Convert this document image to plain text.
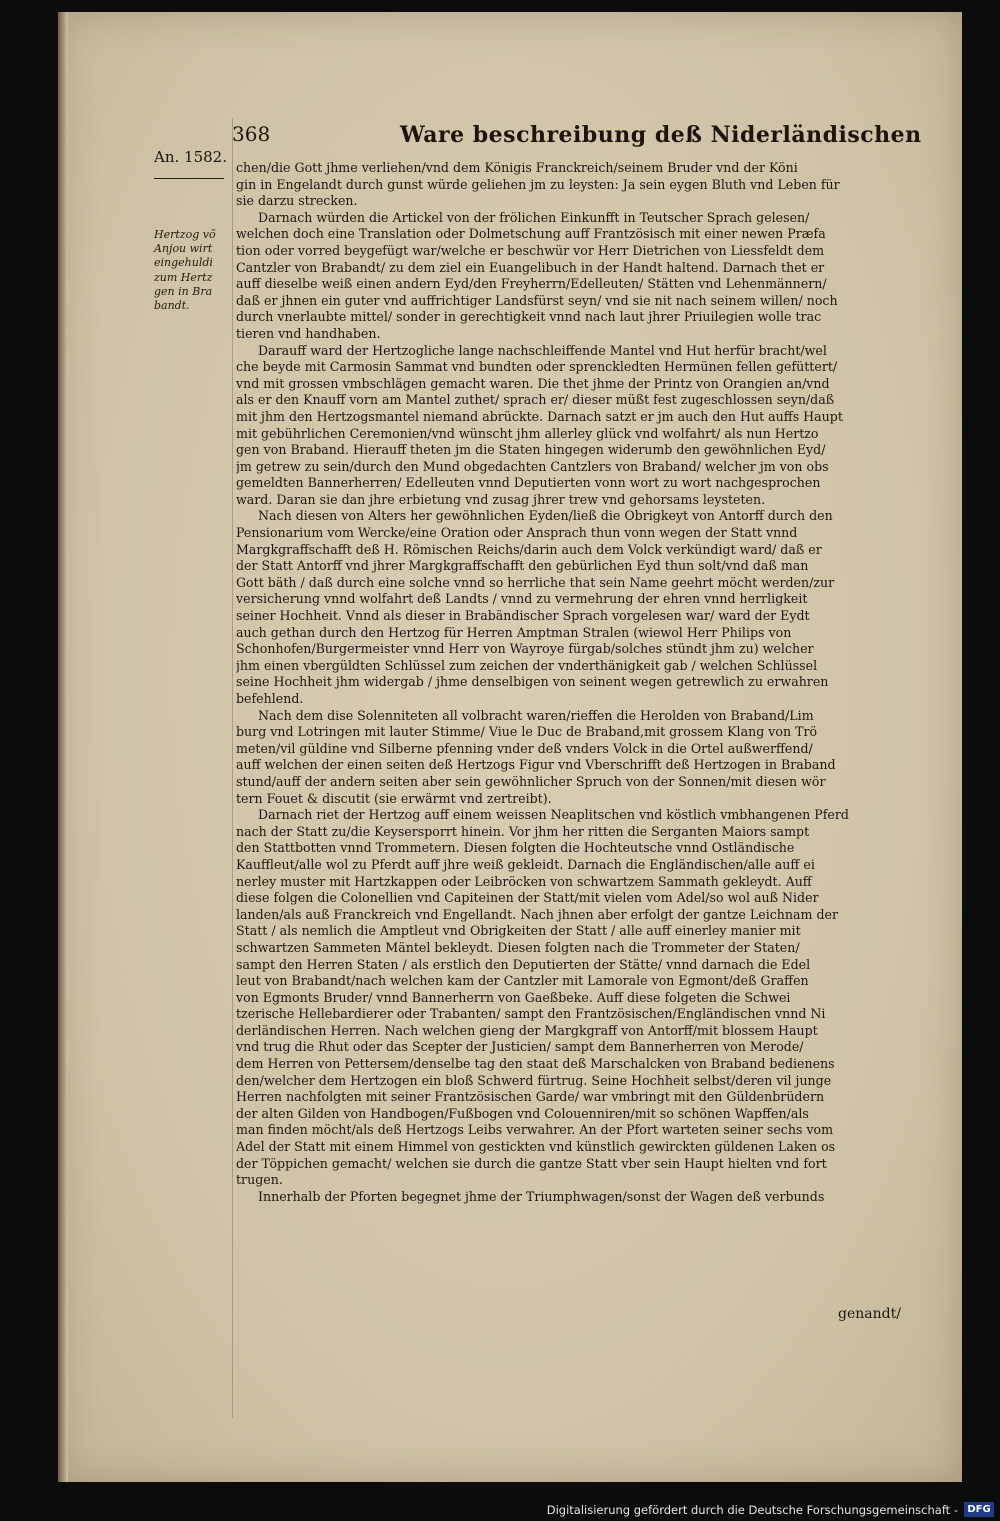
An. 1582.
368	Ware beschreibung deß Niderländischen
Hertzog võ
Anjou wirt
eingehuldi
zum Hertz
gen in Bra
bandt.
chen/die Gott jhme verliehen/vnd dem Königis Franckreich/seinem Bruder vnd der Köni
gin in Engelandt durch gunst würde geliehen jm zu leysten: Ja sein eygen Bluth vnd Leben für
sie darzu strecken.
Darnach würden die Artickel von der frölichen Einkunfft in Teutscher Sprach gelesen/
welchen doch eine Translation oder Dolmetschung auff Frantzösisch mit einer newen Præfa
tion oder vorred beygefügt war/welche er beschwür vor Herr Dietrichen von Liessfeldt dem
Cantzler von Brabandt/ zu dem ziel ein Euangelibuch in der Handt haltend. Darnach thet er
auff dieselbe weiß einen andern Eyd/den Freyherrn/Edelleuten/ Stätten vnd Lehenmännern/
daß er jhnen ein guter vnd auffrichtiger Landsfürst seyn/ vnd sie nit nach seinem willen/ noch
durch vnerlaubte mittel/ sonder in gerechtigkeit vnnd nach laut jhrer Priuilegien wolle trac
tieren vnd handhaben.
Darauff ward der Hertzogliche lange nachschleiffende Mantel vnd Hut herfür bracht/wel
che beyde mit Carmosin Sammat vnd bundten oder sprenckledten Hermünen fellen gefüttert/
vnd mit grossen vmbschlägen gemacht waren. Die thet jhme der Printz von Orangien an/vnd
als er den Knauff vorn am Mantel zuthet/ sprach er/ dieser müßt fest zugeschlossen seyn/daß
mit jhm den Hertzogsmantel niemand abrückte. Darnach satzt er jm auch den Hut auffs Haupt
mit gebührlichen Ceremonien/vnd wünscht jhm allerley glück vnd wolfahrt/ als nun Hertzo
gen von Braband. Hierauff theten jm die Staten hingegen widerumb den gewöhnlichen Eyd/
jm getrew zu sein/durch den Mund obgedachten Cantzlers von Braband/ welcher jm von obs
gemeldten Bannerherren/ Edelleuten vnnd Deputierten vonn wort zu wort nachgesprochen
ward. Daran sie dan jhre erbietung vnd zusag jhrer trew vnd gehorsams leysteten.
Nach diesen von Alters her gewöhnlichen Eyden/ließ die Obrigkeyt von Antorff durch den
Pensionarium vom Wercke/eine Oration oder Ansprach thun vonn wegen der Statt vnnd
Margkgraffschafft deß H. Römischen Reichs/darin auch dem Volck verkündigt ward/ daß er
der Statt Antorff vnd jhrer Margkgraffschafft den gebürlichen Eyd thun solt/vnd daß man
Gott bäth / daß durch eine solche vnnd so herrliche that sein Name geehrt möcht werden/zur
versicherung vnnd wolfahrt deß Landts / vnnd zu vermehrung der ehren vnnd herrligkeit
seiner Hochheit. Vnnd als dieser in Brabändischer Sprach vorgelesen war/ ward der Eydt
auch gethan durch den Hertzog für Herren Amptman Stralen (wiewol Herr Philips von
Schonhofen/Burgermeister vnnd Herr von Wayroye fürgab/solches stündt jhm zu) welcher
jhm einen vbergüldten Schlüssel zum zeichen der vnderthänigkeit gab / welchen Schlüssel
seine Hochheit jhm widergab / jhme denselbigen von seinent wegen getrewlich zu erwahren
befehlend.
Nach dem dise Solenniteten all volbracht waren/rieffen die Herolden von Braband/Lim
burg vnd Lotringen mit lauter Stimme/ Viue le Duc de Braband,mit grossem Klang von Trö
meten/vil güldine vnd Silberne pfenning vnder deß vnders Volck in die Ortel außwerffend/
auff welchen der einen seiten deß Hertzogs Figur vnd Vberschrifft deß Hertzogen in Braband
stund/auff der andern seiten aber sein gewöhnlicher Spruch von der Sonnen/mit diesen wör
tern Fouet & discutit (sie erwärmt vnd zertreibt).
Darnach riet der Hertzog auff einem weissen Neaplitschen vnd köstlich vmbhangenen Pferd
nach der Statt zu/die Keysersporrt hinein. Vor jhm her ritten die Serganten Maiors sampt
den Stattbotten vnnd Trommetern. Diesen folgten die Hochteutsche vnnd Ostländische
Kauffleut/alle wol zu Pferdt auff jhre weiß gekleidt. Darnach die Engländischen/alle auff ei
nerley muster mit Hartzkappen oder Leibröcken von schwartzem Sammath gekleydt. Auff
diese folgen die Colonellien vnd Capiteinen der Statt/mit vielen vom Adel/so wol auß Nider
landen/als auß Franckreich vnd Engellandt. Nach jhnen aber erfolgt der gantze Leichnam der
Statt / als nemlich die Amptleut vnd Obrigkeiten der Statt / alle auff einerley manier mit
schwartzen Sammeten Mäntel bekleydt. Diesen folgten nach die Trommeter der Staten/
sampt den Herren Staten / als erstlich den Deputierten der Stätte/ vnnd darnach die Edel
leut von Brabandt/nach welchen kam der Cantzler mit Lamorale von Egmont/deß Graffen
von Egmonts Bruder/ vnnd Bannerherrn von Gaeßbeke. Auff diese folgeten die Schwei
tzerische Hellebardierer oder Trabanten/ sampt den Frantzösischen/Engländischen vnnd Ni
derländischen Herren. Nach welchen gieng der Margkgraff von Antorff/mit blossem Haupt
vnd trug die Rhut oder das Scepter der Justicien/ sampt dem Bannerherren von Merode/
dem Herren von Pettersem/denselbe tag den staat deß Marschalcken von Braband bedienens
den/welcher dem Hertzogen ein bloß Schwerd fürtrug. Seine Hochheit selbst/deren vil junge
Herren nachfolgten mit seiner Frantzösischen Garde/ war vmbringt mit den Güldenbrüdern
der alten Gilden von Handbogen/Fußbogen vnd Colouenniren/mit so schönen Wapffen/als
man finden möcht/als deß Hertzogs Leibs verwahrer. An der Pfort warteten seiner sechs vom
Adel der Statt mit einem Himmel von gestickten vnd künstlich gewirckten güldenen Laken os
der Töppichen gemacht/ welchen sie durch die gantze Statt vber sein Haupt hielten vnd fort
trugen.
Innerhalb der Pforten begegnet jhme der Triumphwagen/sonst der Wagen deß verbunds
genandt/
Digitalisierung gefördert durch die Deutsche Forschungsgemeinschaft - DFG
